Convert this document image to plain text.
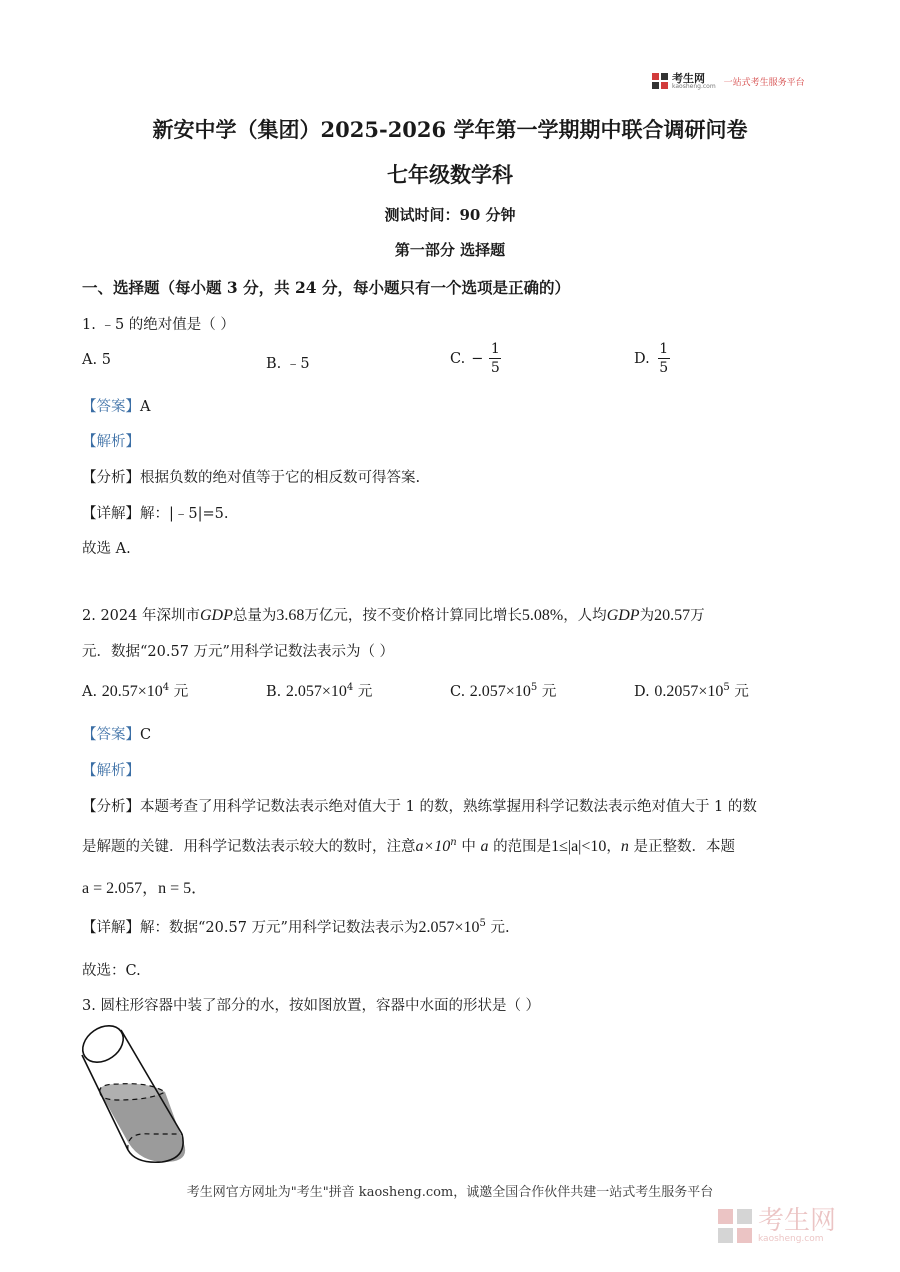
考生网
kaosheng.com 一站式考生服务平台
新安中学（集团）2025-2026 学年第一学期期中联合调研问卷
七年级数学科
测试时间：90 分钟
第一部分 选择题
一、选择题（每小题 3 分，共 24 分，每小题只有一个选项是正确的）
1. ﹣5 的绝对值是（ ）
A. 5	B. ﹣5	C. − $\frac{1}{5}$	D. $\frac{1}{5}$
【答案】A
【解析】
【分析】根据负数的绝对值等于它的相反数可得答案.
【详解】解：|﹣5|=5.
故选 A.
2. 2024 年深圳市GDP总量为3.68万亿元，按不变价格计算同比增长5.08%，人均GDP为20.57万
元．数据“20.57 万元”用科学记数法表示为（ ）
A. $20.57\times 10^4$ 元	B. $2.057\times 10^4$ 元	C. $2.057\times 10^5$ 元	D. $0.2057\times 10^5$ 元
【答案】C
【解析】
【分析】本题考查了用科学记数法表示绝对值大于 1 的数，熟练掌握用科学记数法表示绝对值大于 1 的数
是解题的关键．用科学记数法表示较大的数时，注意$a\times 10^n$ 中 a 的范围是1≤|a|<10，n 是正整数．本题
a = 2.057，n = 5．
【详解】解：数据“20.57 万元”用科学记数法表示为$2.057\times 10^5$ 元.
故选：C.
3. 圆柱形容器中装了部分的水，按如图放置，容器中水面的形状是（ ）
考生网官方网址为"考生"拼音 kaosheng.com，诚邀全国合作伙伴共建一站式考生服务平台
考生网
kaosheng.com
